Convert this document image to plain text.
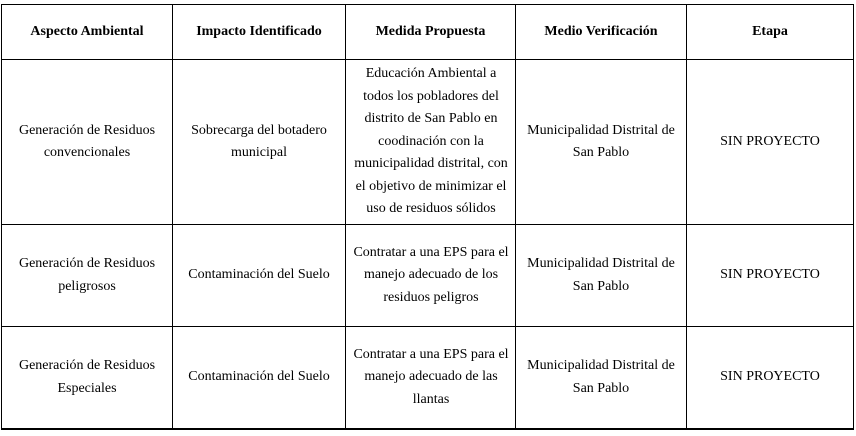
Aspecto Ambiental	Impacto Identificado	Medida Propuesta	Medio Verificación	Etapa
Generación de Residuos convencionales	Sobrecarga del botadero municipal	Educación Ambiental a todos los pobladores del distrito de San Pablo en coodinación con la municipalidad distrital, con el objetivo de minimizar el uso de residuos sólidos	Municipalidad Distrital de San Pablo	SIN PROYECTO
Generación de Residuos peligrosos	Contaminación del Suelo	Contratar a una EPS para el manejo adecuado de los residuos peligros	Municipalidad Distrital de San Pablo	SIN PROYECTO
Generación de Residuos Especiales	Contaminación del Suelo	Contratar a una EPS para el manejo adecuado de las llantas	Municipalidad Distrital de San Pablo	SIN PROYECTO
